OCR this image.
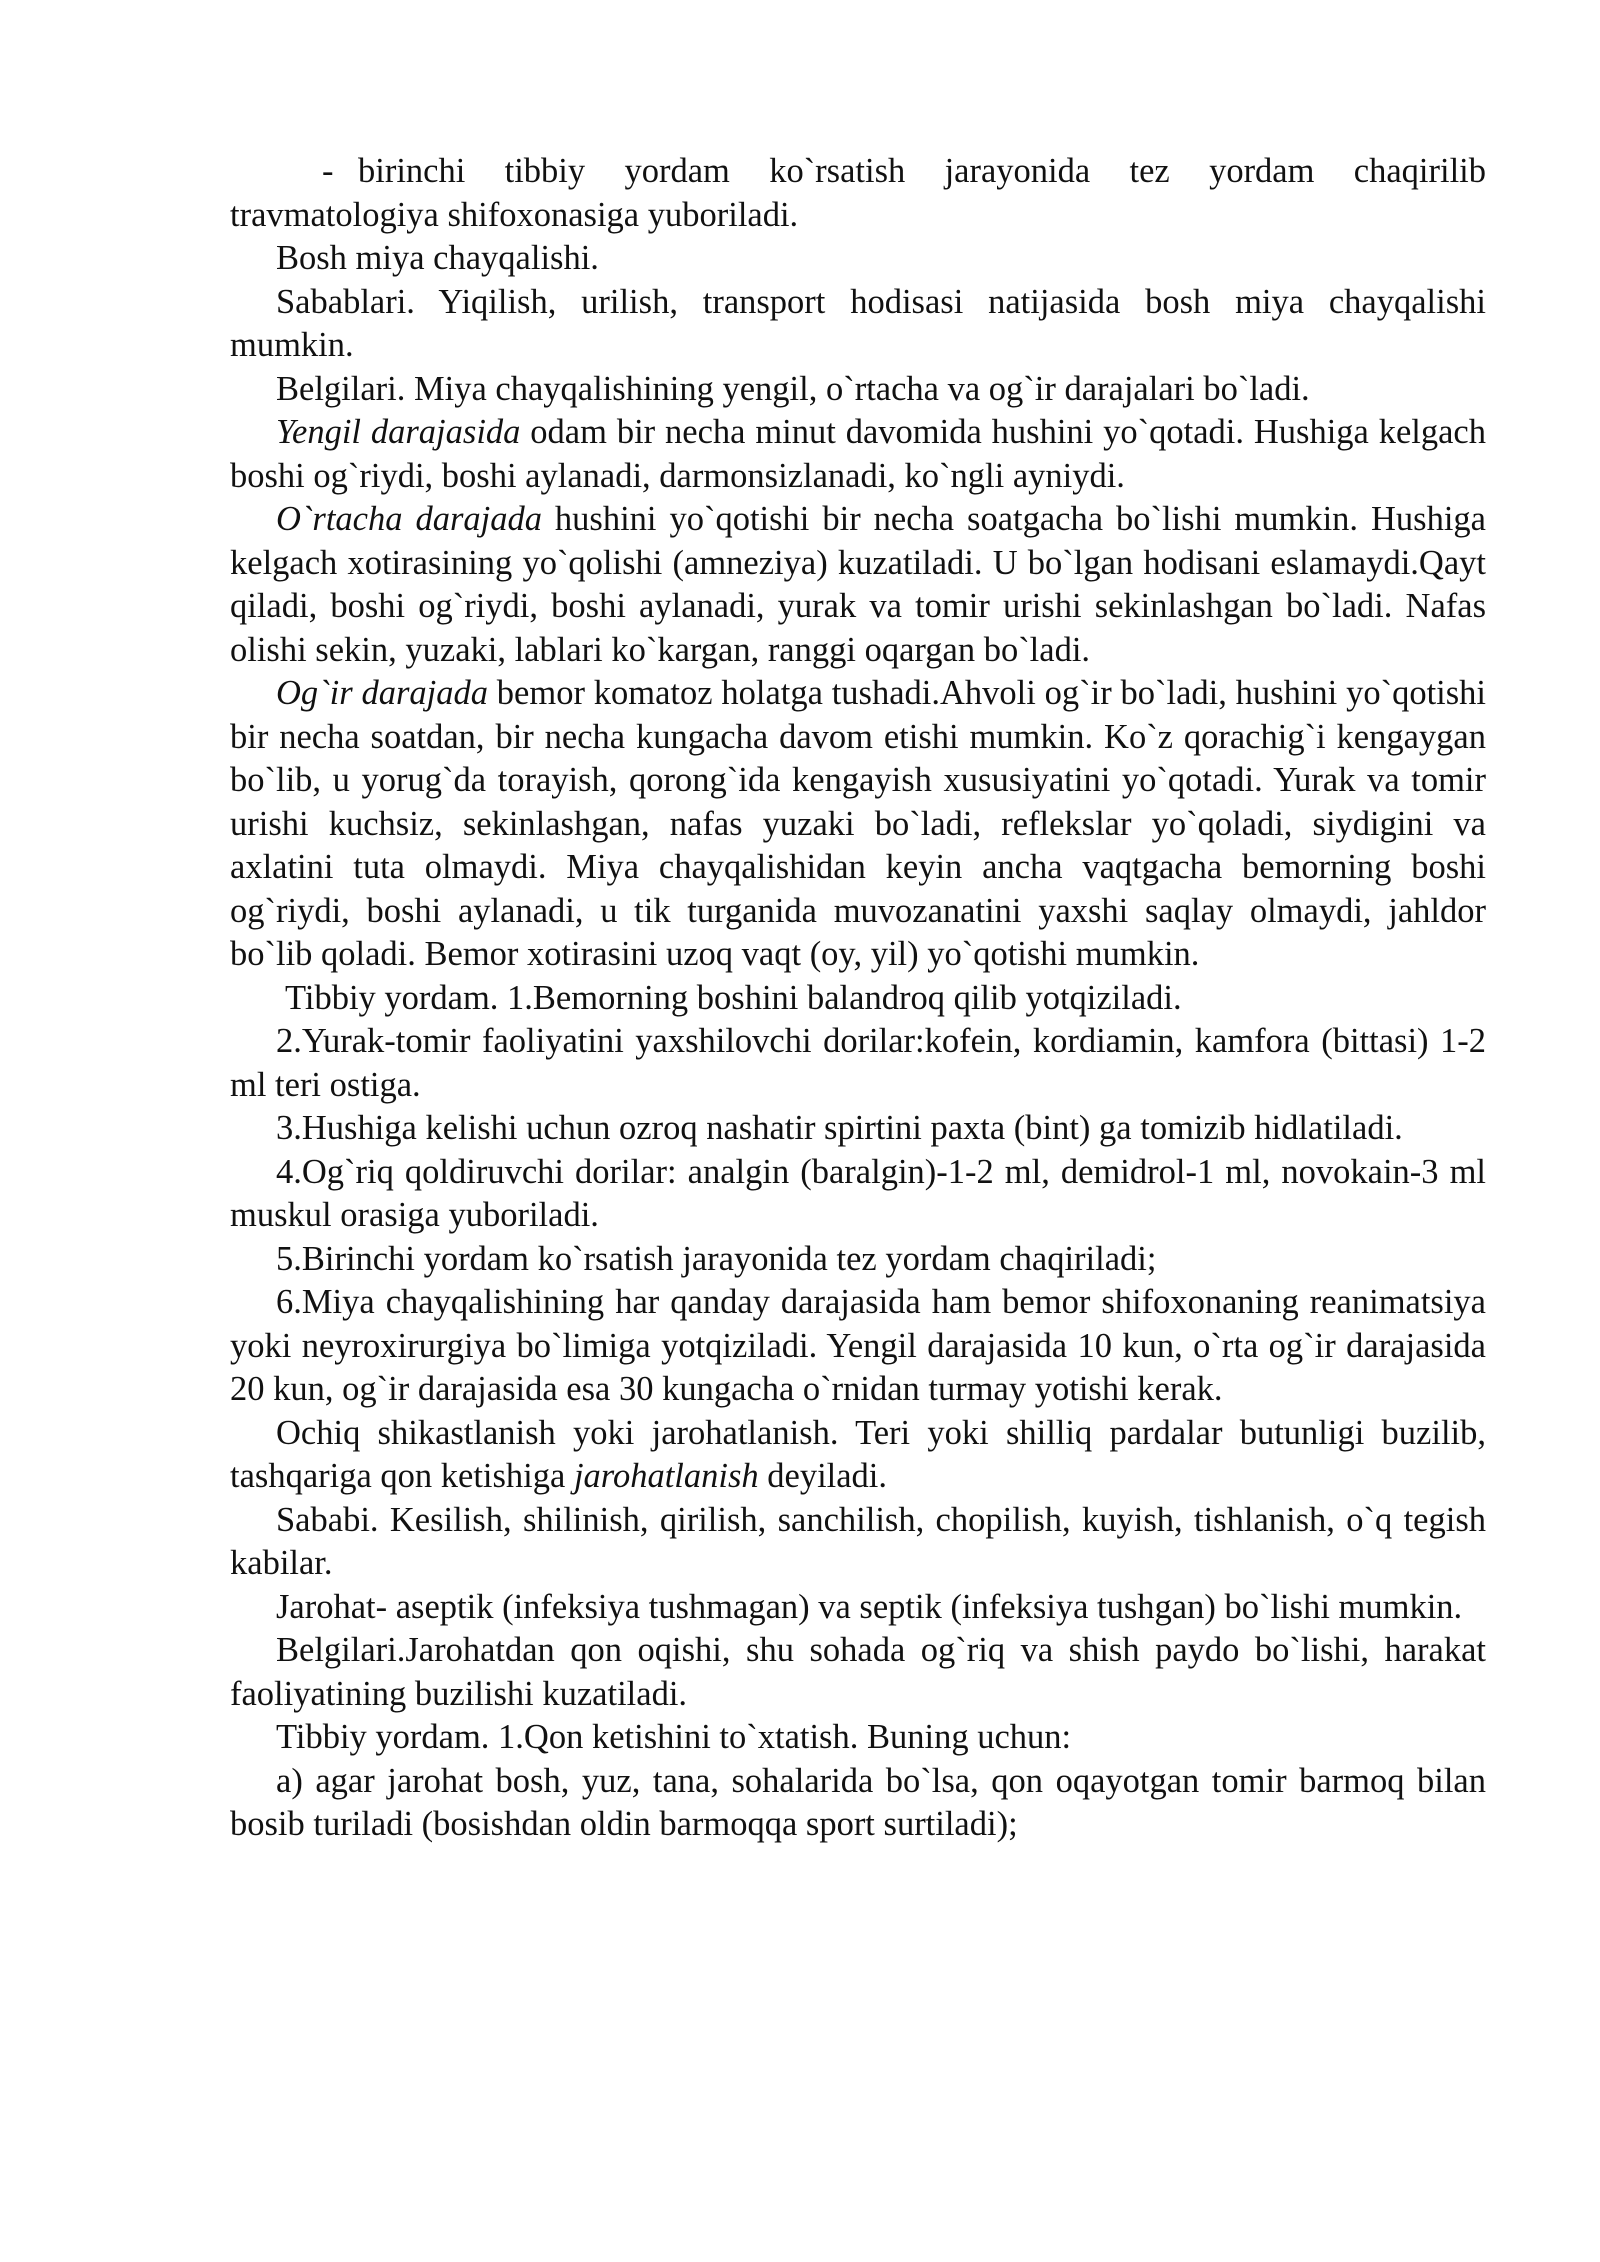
- birinchi tibbiy yordam ko`rsatish jarayonida tez yordam chaqirilib travmatologiya shifoxonasiga yuboriladi.

Bosh miya chayqalishi.

Sabablari. Yiqilish, urilish, transport hodisasi natijasida bosh miya chayqalishi mumkin.

Belgilari. Miya chayqalishining yengil, o`rtacha va og`ir darajalari bo`ladi.

Yengil darajasida odam bir necha minut davomida hushini yo`qotadi. Hushiga kelgach boshi og`riydi, boshi aylanadi, darmonsizlanadi, ko`ngli ayniydi.

O`rtacha darajada hushini yo`qotishi bir necha soatgacha bo`lishi mumkin. Hushiga kelgach xotirasining yo`qolishi (amneziya) kuzatiladi. U bo`lgan hodisani eslamaydi.Qayt qiladi, boshi og`riydi, boshi aylanadi, yurak va tomir urishi sekinlashgan bo`ladi. Nafas olishi sekin, yuzaki, lablari ko`kargan, ranggi oqargan bo`ladi.

Og`ir darajada bemor komatoz holatga tushadi.Ahvoli og`ir bo`ladi, hushini yo`qotishi bir necha soatdan, bir necha kungacha davom etishi mumkin. Ko`z qorachig`i kengaygan bo`lib, u yorug`da torayish, qorong`ida kengayish xususiyatini yo`qotadi. Yurak va tomir urishi kuchsiz, sekinlashgan, nafas yuzaki bo`ladi, reflekslar yo`qoladi, siydigini va axlatini tuta olmaydi. Miya chayqalishidan keyin ancha vaqtgacha bemorning boshi og`riydi, boshi aylanadi, u tik turganida muvozanatini yaxshi saqlay olmaydi, jahldor bo`lib qoladi. Bemor xotirasini uzoq vaqt (oy, yil) yo`qotishi mumkin.

Tibbiy yordam. 1.Bemorning boshini balandroq qilib yotqiziladi.

2.Yurak-tomir faoliyatini yaxshilovchi dorilar:kofein, kordiamin, kamfora (bittasi) 1-2 ml teri ostiga.

3.Hushiga kelishi uchun ozroq nashatir spirtini paxta (bint) ga tomizib hidlatiladi.

4.Og`riq qoldiruvchi dorilar: analgin (baralgin)-1-2 ml, demidrol-1 ml, novokain-3 ml muskul orasiga yuboriladi.

5.Birinchi yordam ko`rsatish jarayonida tez yordam chaqiriladi;

6.Miya chayqalishining har qanday darajasida ham bemor shifoxonaning reanimatsiya yoki neyroxirurgiya bo`limiga yotqiziladi. Yengil darajasida 10 kun, o`rta og`ir darajasida 20 kun, og`ir darajasida esa 30 kungacha o`rnidan turmay yotishi kerak.

Ochiq shikastlanish yoki jarohatlanish. Teri yoki shilliq pardalar butunligi buzilib, tashqariga qon ketishiga jarohatlanish deyiladi.

Sababi. Kesilish, shilinish, qirilish, sanchilish, chopilish, kuyish, tishlanish, o`q tegish kabilar.

Jarohat- aseptik (infeksiya tushmagan) va septik (infeksiya tushgan) bo`lishi mumkin.

Belgilari.Jarohatdan qon oqishi, shu sohada og`riq va shish paydo bo`lishi, harakat faoliyatining buzilishi kuzatiladi.

Tibbiy yordam. 1.Qon ketishini to`xtatish. Buning uchun:

a) agar jarohat bosh, yuz, tana, sohalarida bo`lsa, qon oqayotgan tomir barmoq bilan bosib turiladi (bosishdan oldin barmoqqa sport surtiladi);
